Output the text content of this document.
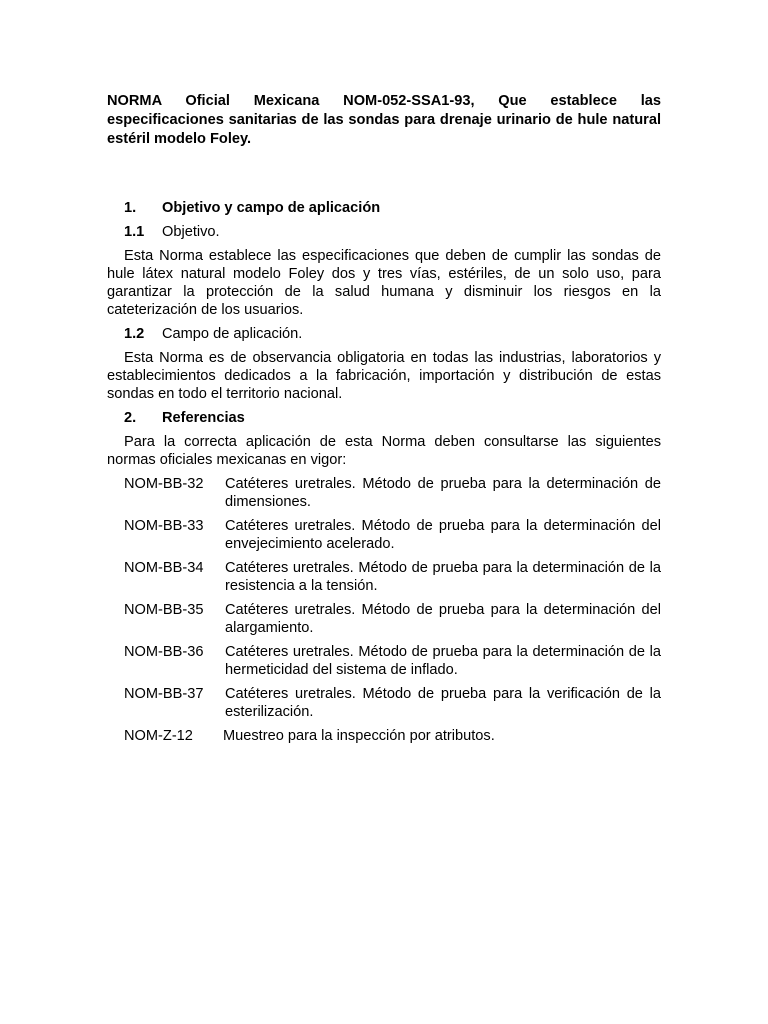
NORMA Oficial Mexicana NOM-052-SSA1-93, Que establece las especificaciones sanitarias de las sondas para drenaje urinario de hule natural estéril modelo Foley.

1.	Objetivo y campo de aplicación
1.1	Objetivo.

Esta Norma establece las especificaciones que deben de cumplir las sondas de hule látex natural modelo Foley dos y tres vías, estériles, de un solo uso, para garantizar la protección de la salud humana y disminuir los riesgos en la cateterización de los usuarios.

1.2	Campo de aplicación.

Esta Norma es de observancia obligatoria en todas las industrias, laboratorios y establecimientos dedicados a la fabricación, importación y distribución de estas sondas en todo el territorio nacional.

2.	Referencias

Para la correcta aplicación de esta Norma deben consultarse las siguientes normas oficiales mexicanas en vigor:

NOM-BB-32	Catéteres uretrales. Método de prueba para la determinación de dimensiones.
NOM-BB-33	Catéteres uretrales. Método de prueba para la determinación del envejecimiento acelerado.
NOM-BB-34	Catéteres uretrales. Método de prueba para la determinación de la resistencia a la tensión.
NOM-BB-35	Catéteres uretrales. Método de prueba para la determinación del alargamiento.
NOM-BB-36	Catéteres uretrales. Método de prueba para la determinación de la hermeticidad del sistema de inflado.
NOM-BB-37	Catéteres uretrales. Método de prueba para la verificación de la esterilización.
NOM-Z-12	Muestreo para la inspección por atributos.
